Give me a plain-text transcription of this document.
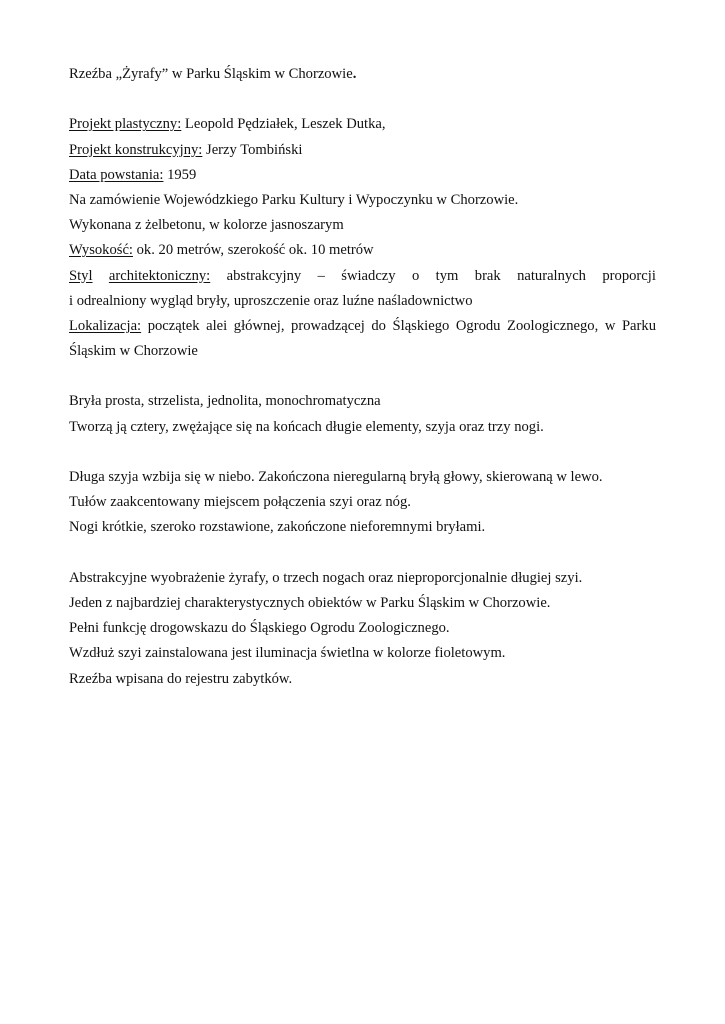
Rzeźba „Żyrafy” w Parku Śląskim w Chorzowie.
Projekt plastyczny: Leopold Pędziałek, Leszek Dutka,
Projekt konstrukcyjny: Jerzy Tombiński
Data powstania: 1959
Na zamówienie Wojewódzkiego Parku Kultury i Wypoczynku w Chorzowie.
Wykonana z żelbetonu, w kolorze jasnoszarym
Wysokość: ok. 20 metrów, szerokość ok. 10 metrów
Styl architektoniczny: abstrakcyjny – świadczy o tym brak naturalnych proporcji
i odrealniony wygląd bryły, uproszczenie oraz luźne naśladownictwo
Lokalizacja: początek alei głównej, prowadzącej do Śląskiego Ogrodu Zoologicznego, w Parku
Śląskim w Chorzowie
Bryła prosta, strzelista, jednolita, monochromatyczna
Tworzą ją cztery, zwężające się na końcach długie elementy, szyja oraz trzy nogi.
Długa szyja wzbija się w niebo. Zakończona nieregularną bryłą głowy, skierowaną w lewo.
Tułów zaakcentowany miejscem połączenia szyi oraz nóg.
Nogi krótkie, szeroko rozstawione, zakończone nieforemnymi bryłami.
Abstrakcyjne wyobrażenie żyrafy, o trzech nogach oraz nieproporcjonalnie długiej szyi.
Jeden z najbardziej charakterystycznych obiektów w Parku Śląskim w Chorzowie.
Pełni funkcję drogowskazu do Śląskiego Ogrodu Zoologicznego.
Wzdłuż szyi zainstalowana jest iluminacja świetlna w kolorze fioletowym.
Rzeźba wpisana do rejestru zabytków.
